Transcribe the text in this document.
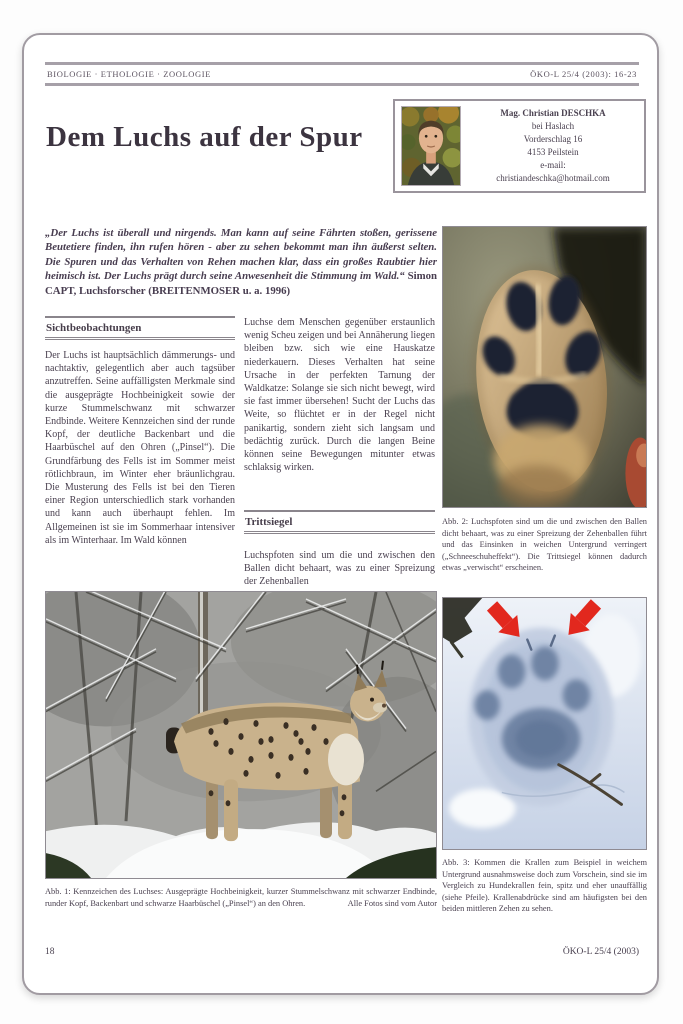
BIOLOGIE · ETHOLOGIE · ZOOLOGIE	ÖKO-L 25/4 (2003): 16-23
Dem Luchs auf der Spur
Mag. Christian DESCHKA
bei Haslach
Vorderschlag 16
4153 Peilstein
e-mail:
christiandeschka@hotmail.com

„Der Luchs ist überall und nirgends. Man kann auf seine Fährten stoßen, gerissene Beutetiere finden, ihn rufen hören - aber zu sehen bekommt man ihn äußerst selten. Die Spuren und das Verhalten von Rehen machen klar, dass ein großes Raubtier hier heimisch ist. Der Luchs prägt durch seine Anwesenheit die Stimmung im Wald.“ Simon CAPT, Luchsforscher (BREITENMOSER u. a. 1996)

Sichtbeobachtungen
Der Luchs ist hauptsächlich dämmerungs- und nachtaktiv, gelegentlich aber auch tagsüber anzutreffen. Seine auffälligsten Merkmale sind die ausgeprägte Hochbeinigkeit sowie der kurze Stummelschwanz mit schwarzer Endbinde. Weitere Kennzeichen sind der runde Kopf, der deutliche Backenbart und die Haarbüschel auf den Ohren („Pinsel“). Die Grundfärbung des Fells ist im Sommer meist rötlichbraun, im Winter eher bräunlichgrau. Die Musterung des Fells ist bei den Tieren einer Region unterschiedlich stark vorhanden und kann auch überhaupt fehlen. Im Allgemeinen ist sie im Sommerhaar intensiver als im Winterhaar. Im Wald können
Luchse dem Menschen gegenüber erstaunlich wenig Scheu zeigen und bei Annäherung liegen bleiben bzw. sich wie eine Hauskatze niederkauern. Dieses Verhalten hat seine Ursache in der perfekten Tarnung der Waldkatze: Solange sie sich nicht bewegt, wird sie fast immer übersehen! Sucht der Luchs das Weite, so flüchtet er in der Regel nicht panikartig, sondern zieht sich langsam und bedächtig zurück. Durch die langen Beine können seine Bewegungen mitunter etwas schlaksig wirken.
Trittsiegel
Luchspfoten sind um die und zwischen den Ballen dicht behaart, was zu einer Spreizung der Zehenballen

Abb. 2: Luchspfoten sind um die und zwischen den Ballen dicht behaart, was zu einer Spreizung der Zehenballen führt und das Einsinken in weichen Untergrund verringert („Schneeschuheffekt“). Die Trittsiegel können dadurch etwas „verwischt“ erscheinen.

Abb. 1: Kennzeichen des Luchses: Ausgeprägte Hochbeinigkeit, kurzer Stummelschwanz mit schwarzer Endbinde, runder Kopf, Backenbart und schwarze Haarbüschel („Pinsel“) an den Ohren.	Alle Fotos sind vom Autor

Abb. 3: Kommen die Krallen zum Beispiel in weichem Untergrund ausnahmsweise doch zum Vorschein, sind sie im Vergleich zu Hundekrallen fein, spitz und eher unauffällig (siehe Pfeile). Krallenabdrücke sind am häufigsten bei den beiden mittleren Zehen zu sehen.

18	ÖKO-L 25/4 (2003)
